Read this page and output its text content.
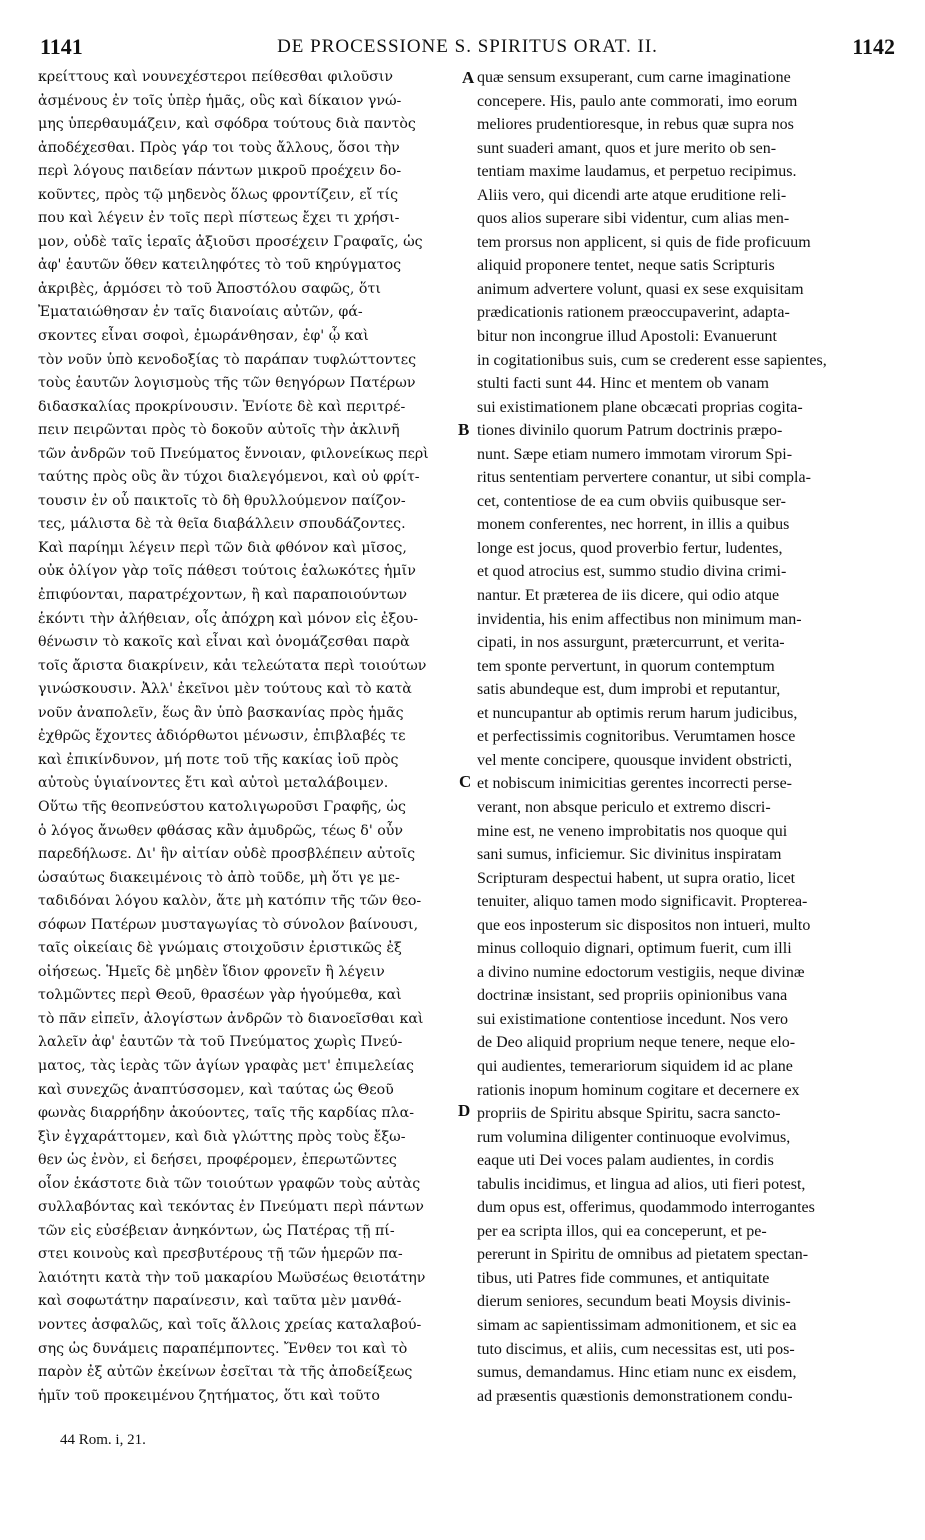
1141	DE PROCESSIONE S. SPIRITUS ORAT. II.	1142
κρείττους καὶ νουνεχέστεροι πείθεσθαι φιλοῦσιν
ἀσμένους ἐν τοῖς ὑπὲρ ἡμᾶς, οὓς καὶ δίκαιον γνώ-
μης ὑπερθαυμάζειν, καὶ σφόδρα τούτους διὰ παντὸς
ἀποδέχεσθαι. Πρὸς γάρ τοι τοὺς ἄλλους, ὅσοι τὴν
περὶ λόγους παιδείαν πάντων μικροῦ προέχειν δο-
κοῦντες, πρὸς τῷ μηδενὸς ὅλως φροντίζειν, εἴ τίς
που καὶ λέγειν ἐν τοῖς περὶ πίστεως ἔχει τι χρήσι-
μον, οὐδὲ ταῖς ἱεραῖς ἀξιοῦσι προσέχειν Γραφαῖς, ὡς
ἀφ' ἑαυτῶν ὅθεν κατειληφότες τὸ τοῦ κηρύγματος
ἀκριβὲς, ἁρμόσει τὸ τοῦ Ἀποστόλου σαφῶς, ὅτι
Ἐματαιώθησαν ἐν ταῖς διανοίαις αὐτῶν, φά-
σκοντες εἶναι σοφοὶ, ἐμωράνθησαν, ἐφ' ᾧ καὶ
τὸν νοῦν ὑπὸ κενοδοξίας τὸ παράπαν τυφλώττοντες
τοὺς ἑαυτῶν λογισμοὺς τῆς τῶν θεηγόρων Πατέρων
διδασκαλίας προκρίνουσιν. Ἐνίοτε δὲ καὶ περιτρέ-
πειν πειρῶνται πρὸς τὸ δοκοῦν αὐτοῖς τὴν ἀκλινῆ
τῶν ἀνδρῶν τοῦ Πνεύματος ἔννοιαν, φιλονείκως περὶ
ταύτης πρὸς οὓς ἂν τύχοι διαλεγόμενοι, καὶ οὐ φρίτ-
τουσιν ἐν οὗ παικτοῖς τὸ δὴ θρυλλούμενον παίζον-
τες, μάλιστα δὲ τὰ θεῖα διαβάλλειν σπουδάζοντες.
Καὶ παρίημι λέγειν περὶ τῶν διὰ φθόνον καὶ μῖσος,
οὐκ ὀλίγον γὰρ τοῖς πάθεσι τούτοις ἑαλωκότες ἡμῖν
ἐπιφύονται, παρατρέχοντων, ἢ καὶ παραποιούντων
ἑκόντι τὴν ἀλήθειαν, οἷς ἀπόχρη καὶ μόνον εἰς ἐξου-
θένωσιν τὸ κακοῖς καὶ εἶναι καὶ ὀνομάζεσθαι παρὰ
τοῖς ἄριστα διακρίνειν, κἀι τελεώτατα περὶ τοιούτων
γινώσκουσιν. Ἀλλ' ἐκεῖνοι μὲν τούτους καὶ τὸ κατὰ
νοῦν ἀναπολεῖν, ἕως ἂν ὑπὸ βασκανίας πρὸς ἡμᾶς
ἐχθρῶς ἔχοντες ἀδιόρθωτοι μένωσιν, ἐπιβλαβές τε
καὶ ἐπικίνδυνον, μή ποτε τοῦ τῆς κακίας ἰοῦ πρὸς
αὐτοὺς ὑγιαίνοντες ἔτι καὶ αὐτοὶ μεταλάβοιμεν.
Οὕτω τῆς θεοπνεύστου κατολιγωροῦσι Γραφῆς, ὡς
ὁ λόγος ἄνωθεν φθάσας κἂν ἀμυδρῶς, τέως δ' οὖν
παρεδήλωσε. Δι' ἣν αἰτίαν οὐδὲ προσβλέπειν αὐτοῖς
ὡσαύτως διακειμένοις τὸ ἀπὸ τοῦδε, μὴ ὅτι γε με-
ταδιδόναι λόγου καλὸν, ἅτε μὴ κατόπιν τῆς τῶν θεο-
σόφων Πατέρων μυσταγωγίας τὸ σύνολον βαίνουσι,
ταῖς οἰκείαις δὲ γνώμαις στοιχοῦσιν ἐριστικῶς ἐξ
οἰήσεως. Ἡμεῖς δὲ μηδὲν ἴδιον φρονεῖν ἢ λέγειν
τολμῶντες περὶ Θεοῦ, θρασέων γὰρ ἡγούμεθα, καὶ
τὸ πᾶν εἰπεῖν, ἀλογίστων ἀνδρῶν τὸ διανοεῖσθαι καὶ
λαλεῖν ἀφ' ἑαυτῶν τὰ τοῦ Πνεύματος χωρὶς Πνεύ-
ματος, τὰς ἱερὰς τῶν ἁγίων γραφὰς μετ' ἐπιμελείας
καὶ συνεχῶς ἀναπτύσσομεν, καὶ ταύτας ὡς Θεοῦ
φωνὰς διαρρήδην ἀκούοντες, ταῖς τῆς καρδίας πλα-
ξὶν ἐγχαράττομεν, καὶ διὰ γλώττης πρὸς τοὺς ἔξω-
θεν ὡς ἐνὸν, εἰ δεήσει, προφέρομεν, ἐπερωτῶντες
οἷον ἑκάστοτε διὰ τῶν τοιούτων γραφῶν τοὺς αὐτὰς
συλλαβόντας καὶ τεκόντας ἐν Πνεύματι περὶ πάντων
τῶν εἰς εὐσέβειαν ἀνηκόντων, ὡς Πατέρας τῇ πί-
στει κοινοὺς καὶ πρεσβυτέρους τῇ τῶν ἡμερῶν πα-
λαιότητι κατὰ τὴν τοῦ μακαρίου Μωϋσέως θειοτάτην
καὶ σοφωτάτην παραίνεσιν, καὶ ταῦτα μὲν μανθά-
νοντες ἀσφαλῶς, καὶ τοῖς ἄλλοις χρείας καταλαβού-
σης ὡς δυνάμεις παραπέμποντες. Ἔνθεν τοι καὶ τὸ
παρὸν ἐξ αὐτῶν ἐκείνων ἐσεῖται τὰ τῆς ἀποδείξεως
ἡμῖν τοῦ προκειμένου ζητήματος, ὅτι καὶ τοῦτο
quæ sensum exsuperant, cum carne imaginatione
concepere. His, paulo ante commorati, imo eorum
meliores prudentioresque, in rebus quæ supra nos
sunt suaderi amant, quos et jure merito ob sen-
tentiam maxime laudamus, et perpetuo recipimus.
Aliis vero, qui dicendi arte atque eruditione reli-
quos alios superare sibi videntur, cum alias men-
tem prorsus non applicent, si quis de fide proficuum
aliquid proponere tentet, neque satis Scripturis
animum advertere volunt, quasi ex sese exquisitam
prædicationis rationem præoccupaverint, adapta-
bitur non incongrue illud Apostoli: Evanuerunt
in cogitationibus suis, cum se crederent esse sapientes,
stulti facti sunt 44. Hinc et mentem ob vanam
sui existimationem plane obcæcati proprias cogita-
tiones divinilo quorum Patrum doctrinis præpo-
nunt. Sæpe etiam numero immotam virorum Spi-
ritus sententiam pervertere conantur, ut sibi compla-
cet, contentiose de ea cum obviis quibusque ser-
monem conferentes, nec horrent, in illis a quibus
longe est jocus, quod proverbio fertur, ludentes,
et quod atrocius est, summo studio divina crimi-
nantur. Et præterea de iis dicere, qui odio atque
invidentia, his enim affectibus non minimum man-
cipati, in nos assurgunt, prætercurrunt, et verita-
tem sponte pervertunt, in quorum contemptum
satis abundeque est, dum improbi et reputantur,
et nuncupantur ab optimis rerum harum judicibus,
et perfectissimis cognitoribus. Verumtamen hosce
vel mente concipere, quousque invident obstricti,
et nobiscum inimicitias gerentes incorrecti perse-
verant, non absque periculo et extremo discri-
mine est, ne veneno improbitatis nos quoque qui
sani sumus, inficiemur. Sic divinitus inspiratam
Scripturam despectui habent, ut supra oratio, licet
tenuiter, aliquo tamen modo significavit. Propterea-
que eos inposterum sic dispositos non intueri, multo
minus colloquio dignari, optimum fuerit, cum illi
a divino numine edoctorum vestigiis, neque divinæ
doctrinæ insistant, sed propriis opinionibus vana
sui existimatione contentiose incedunt. Nos vero
de Deo aliquid proprium neque tenere, neque elo-
qui audientes, temerariorum siquidem id ac plane
rationis inopum hominum cogitare et decernere ex
propriis de Spiritu absque Spiritu, sacra sancto-
rum volumina diligenter continuoque evolvimus,
eaque uti Dei voces palam audientes, in cordis
tabulis incidimus, et lingua ad alios, uti fieri potest,
dum opus est, offerimus, quodammodo interrogantes
per ea scripta illos, qui ea conceperunt, et pe-
pererunt in Spiritu de omnibus ad pietatem spectan-
tibus, uti Patres fide communes, et antiquitate
dierum seniores, secundum beati Moysis divinis-
simam ac sapientissimam admonitionem, et sic ea
tuto discimus, et aliis, cum necessitas est, uti pos-
sumus, demandamus. Hinc etiam nunc ex eisdem,
ad præsentis quæstionis demonstrationem condu-
A
B
C
D
44 Rom. i, 21.
